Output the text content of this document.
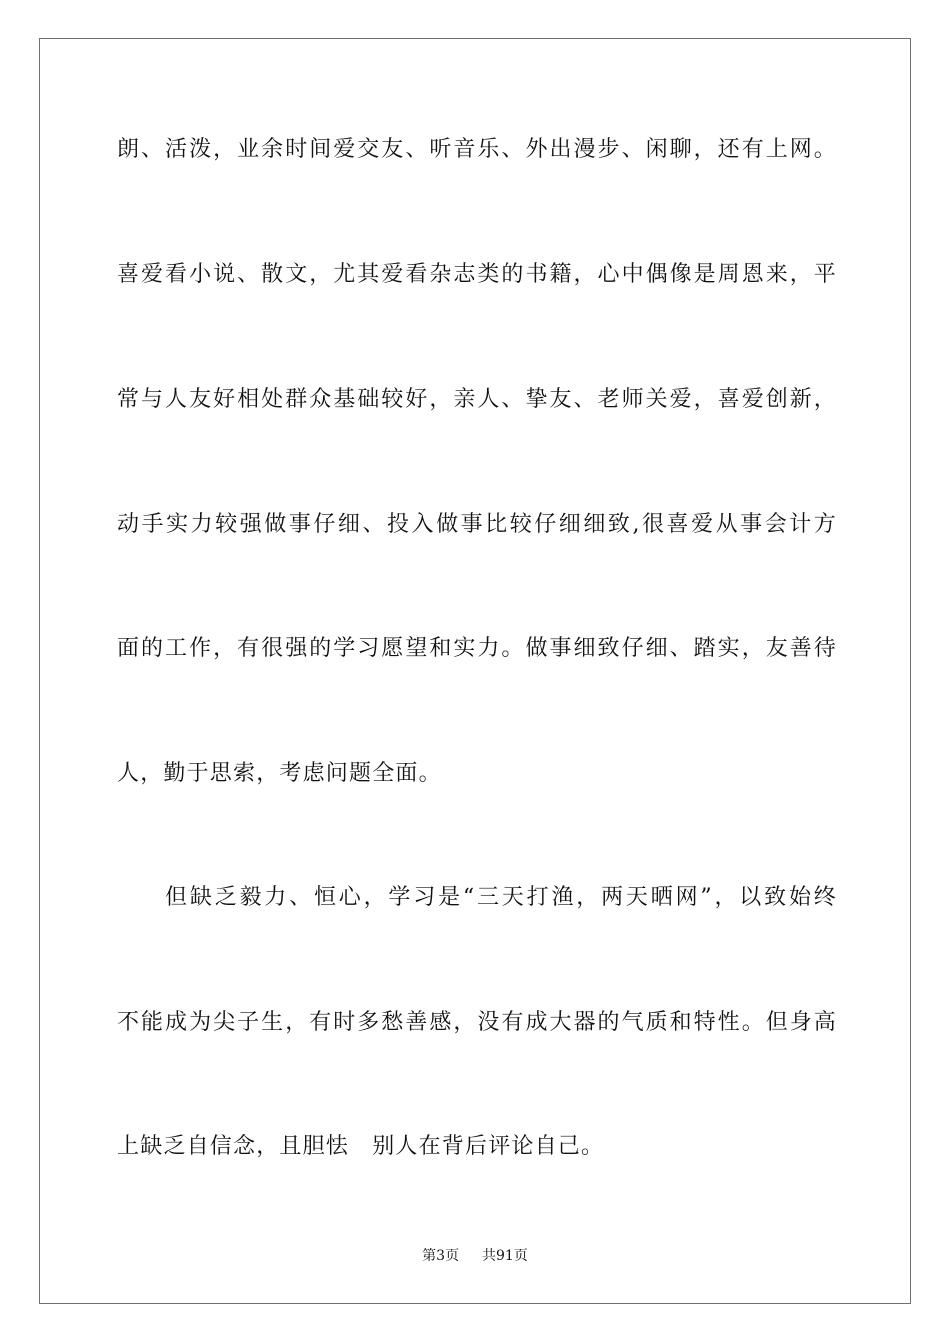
朗、活泼，业余时间爱交友、听音乐、外出漫步、闲聊，还有上网。
喜爱看小说、散文，尤其爱看杂志类的书籍，心中偶像是周恩来，平
常与人友好相处群众基础较好，亲人、挚友、老师关爱，喜爱创新，
动手实力较强做事仔细、投入做事比较仔细细致,很喜爱从事会计方
面的工作，有很强的学习愿望和实力。做事细致仔细、踏实，友善待
人，勤于思索，考虑问题全面。
但缺乏毅力、恒心，学习是“三天打渔，两天晒网”，以致始终
不能成为尖子生，有时多愁善感，没有成大器的气质和特性。但身高
上缺乏自信念，且胆怯　别人在背后评论自己。
第3页 共91页
